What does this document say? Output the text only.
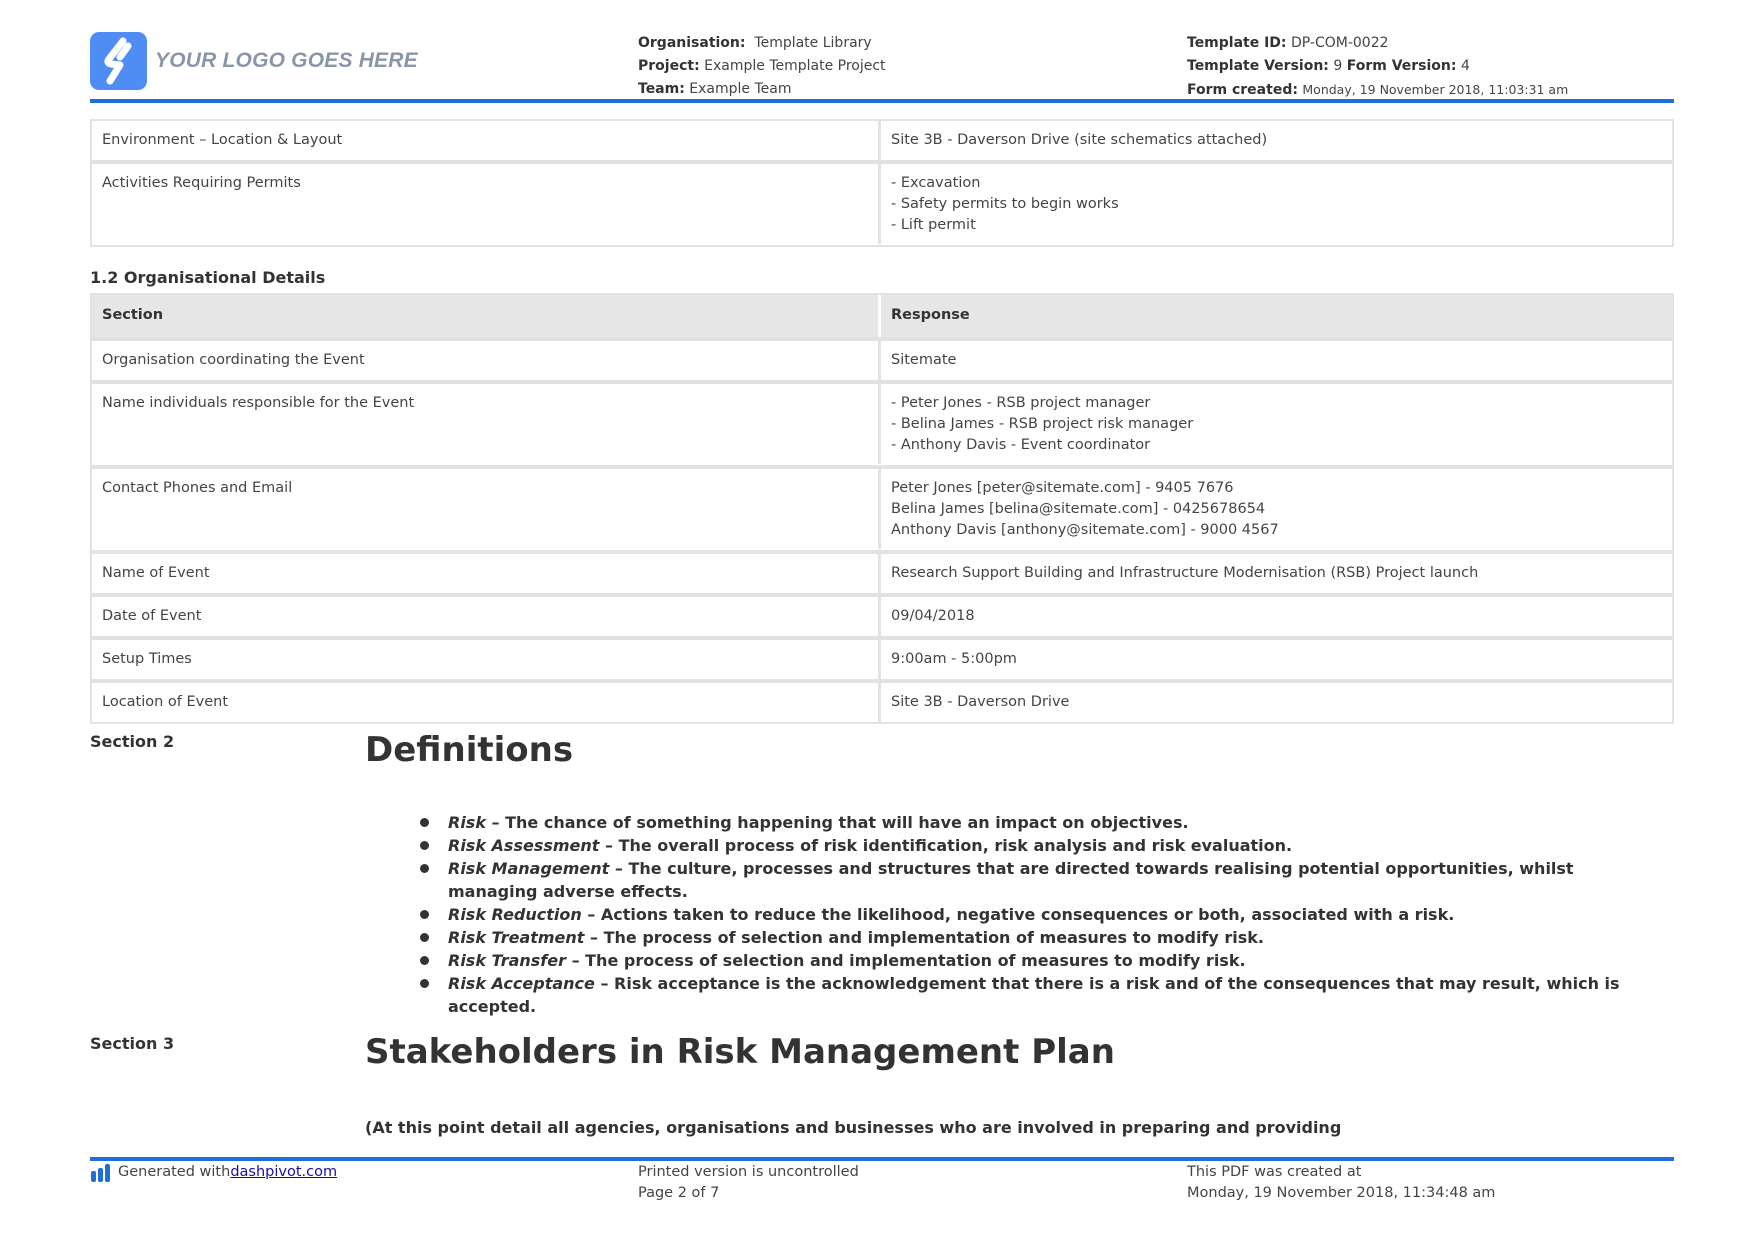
YOUR LOGO GOES HERE
Organisation: Template Library
Project: Example Template Project
Team: Example Team
Template ID: DP-COM-0022
Template Version: 9 Form Version: 4
Form created: Monday, 19 November 2018, 11:03:31 am
Environment – Location & Layout	Site 3B - Daverson Drive (site schematics attached)
Activities Requiring Permits	- Excavation
- Safety permits to begin works
- Lift permit
1.2 Organisational Details
Section	Response
Organisation coordinating the Event	Sitemate
Name individuals responsible for the Event	- Peter Jones - RSB project manager
- Belina James - RSB project risk manager
- Anthony Davis - Event coordinator
Contact Phones and Email	Peter Jones [peter@sitemate.com] - 9405 7676
Belina James [belina@sitemate.com] - 0425678654
Anthony Davis [anthony@sitemate.com] - 9000 4567
Name of Event	Research Support Building and Infrastructure Modernisation (RSB) Project launch
Date of Event	09/04/2018
Setup Times	9:00am - 5:00pm
Location of Event	Site 3B - Daverson Drive
Section 2	Definitions
Risk – The chance of something happening that will have an impact on objectives.
Risk Assessment – The overall process of risk identification, risk analysis and risk evaluation.
Risk Management – The culture, processes and structures that are directed towards realising potential opportunities, whilst managing adverse effects.
Risk Reduction – Actions taken to reduce the likelihood, negative consequences or both, associated with a risk.
Risk Treatment – The process of selection and implementation of measures to modify risk.
Risk Transfer – The process of selection and implementation of measures to modify risk.
Risk Acceptance – Risk acceptance is the acknowledgement that there is a risk and of the consequences that may result, which is accepted.
Section 3	Stakeholders in Risk Management Plan
(At this point detail all agencies, organisations and businesses who are involved in preparing and providing
Generated with dashpivot.com	Printed version is uncontrolled
Page 2 of 7
This PDF was created at
Monday, 19 November 2018, 11:34:48 am
